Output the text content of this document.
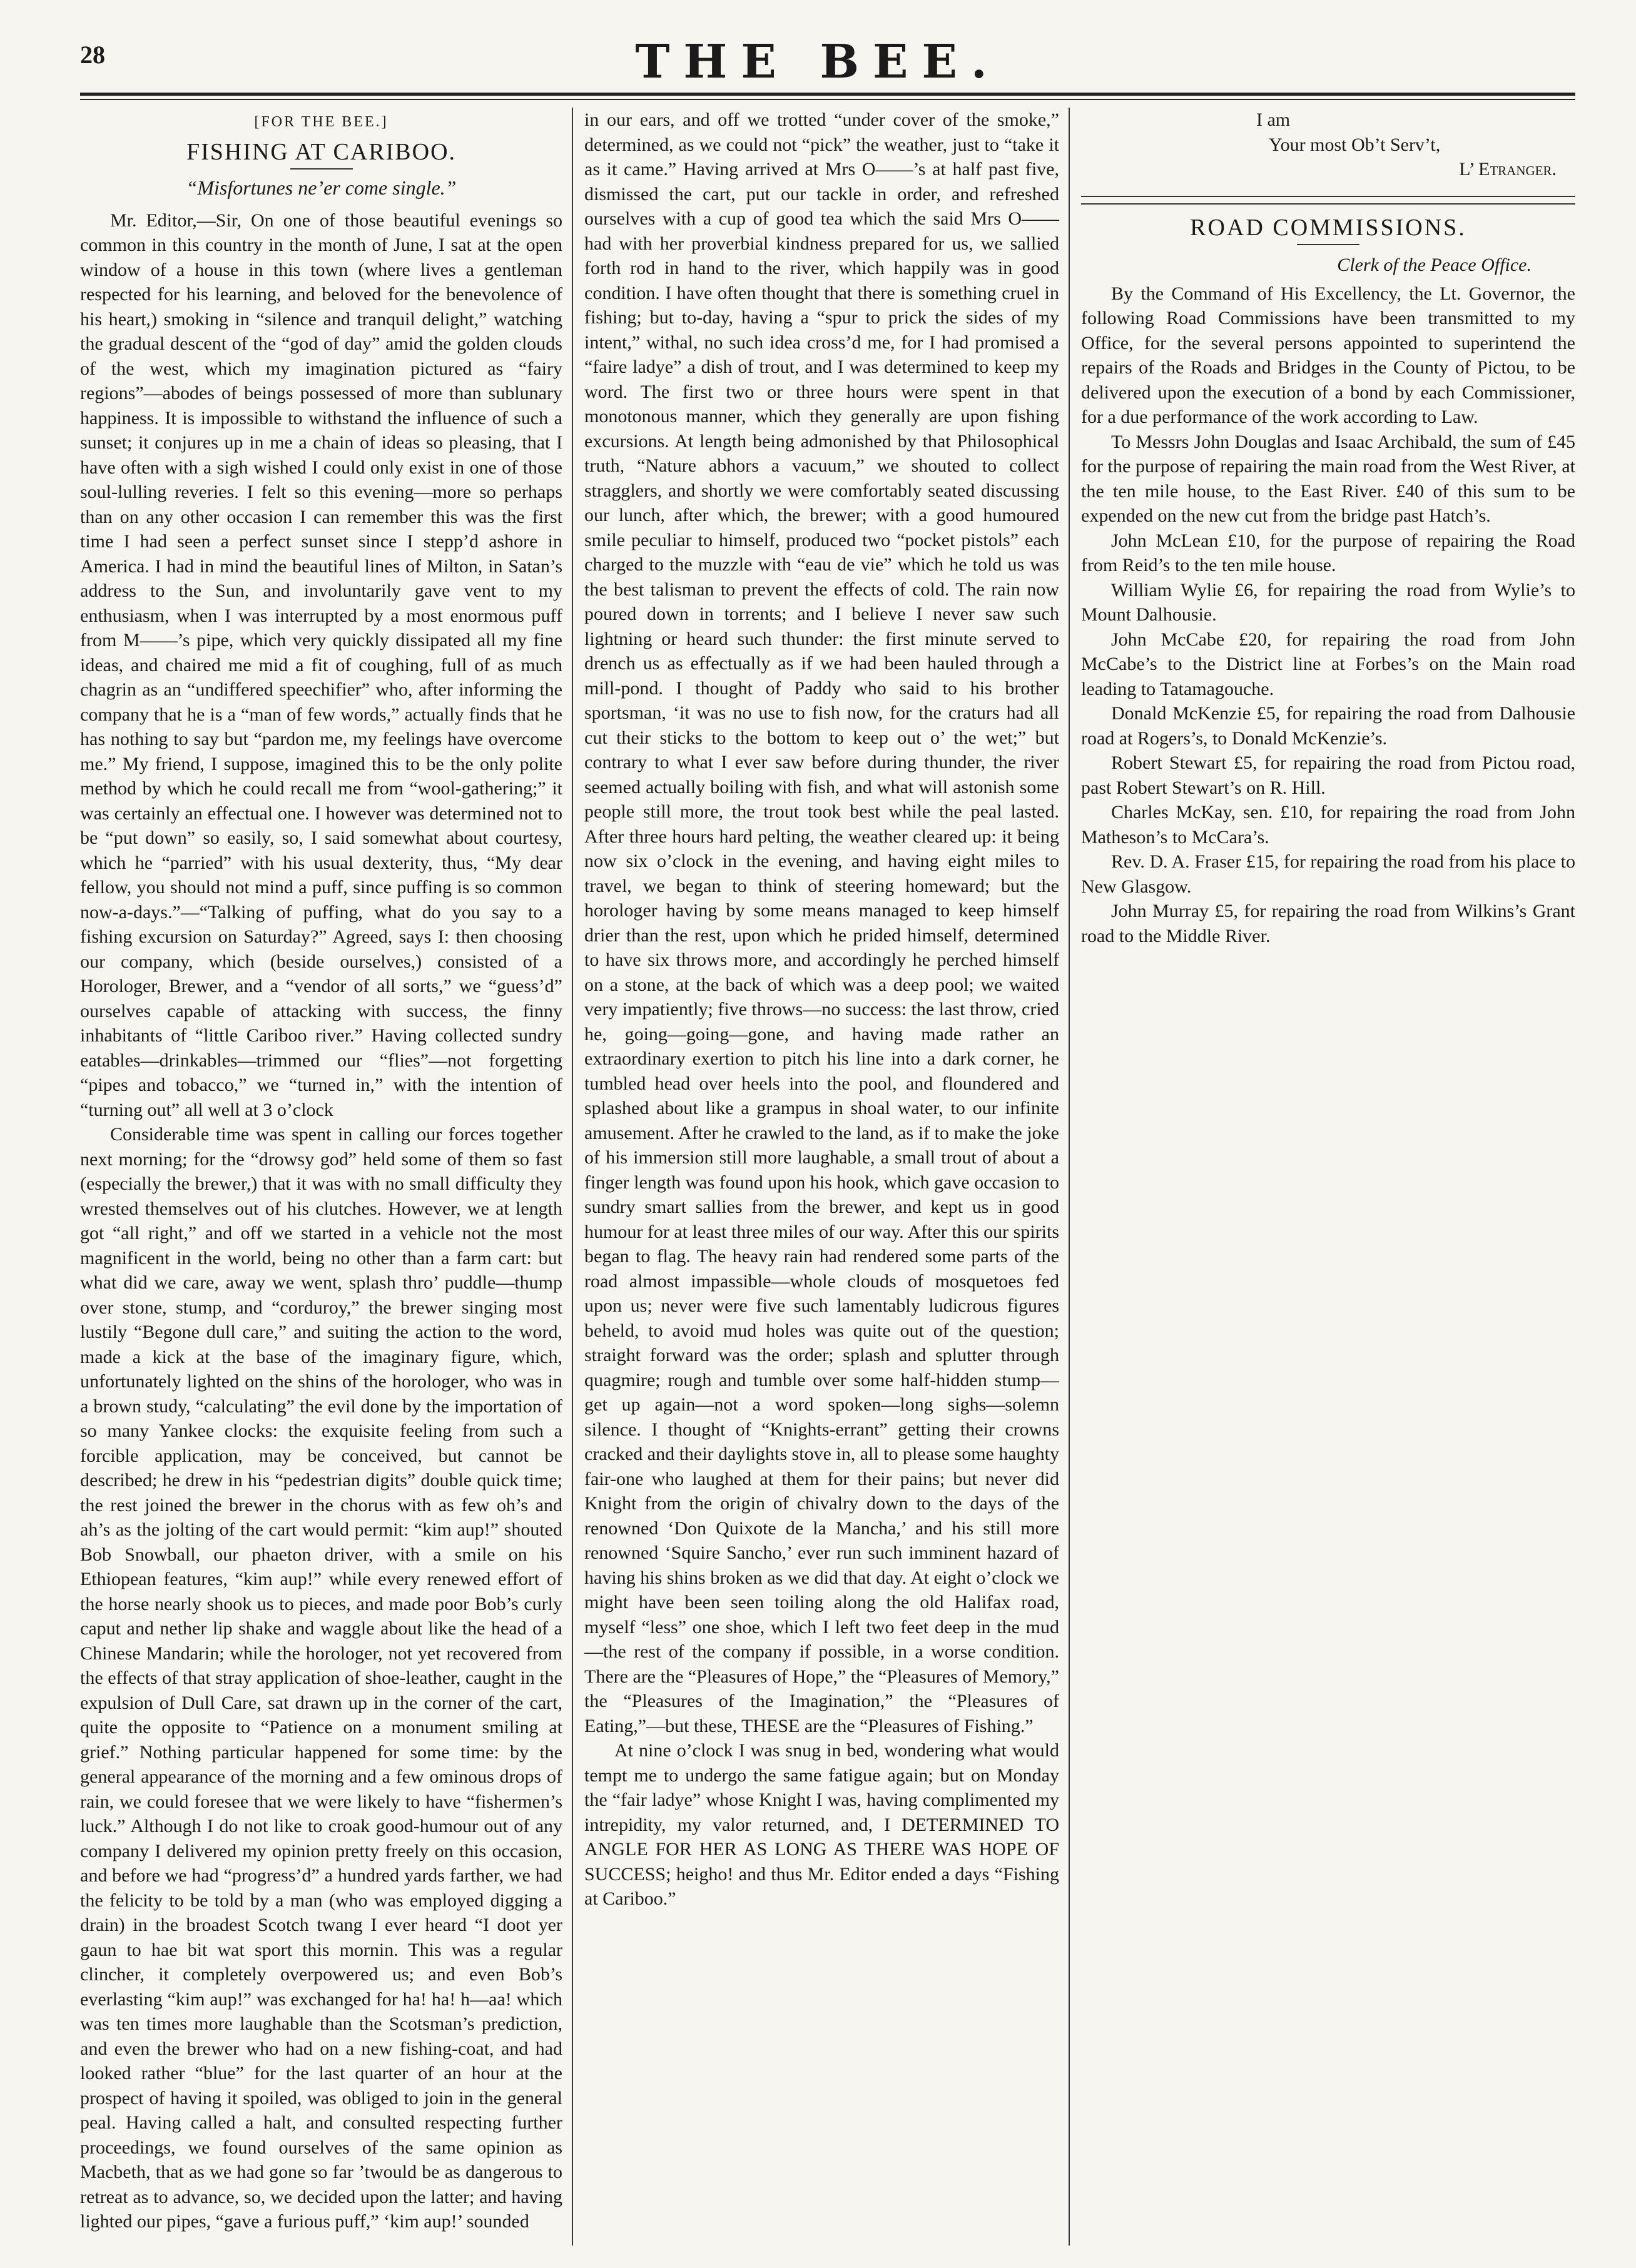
28	THE BEE.
[FOR THE BEE.]
FISHING AT CARIBOO.
“Misfortunes ne’er come single.”

Mr. Editor,—Sir, On one of those beautiful evenings so common in this country in the month of June, I sat at the open window of a house in this town (where lives a gentleman respected for his learning, and beloved for the benevolence of his heart,) smoking in “silence and tranquil delight,” watching the gradual descent of the “god of day” amid the golden clouds of the west, which my imagination pictured as “fairy regions”—abodes of beings possessed of more than sublunary happiness. It is impossible to withstand the influence of such a sunset; it conjures up in me a chain of ideas so pleasing, that I have often with a sigh wished I could only exist in one of those soul-lulling reveries. I felt so this evening—more so perhaps than on any other occasion I can remember this was the first time I had seen a perfect sunset since I stepp’d ashore in America. I had in mind the beautiful lines of Milton, in Satan’s address to the Sun, and involuntarily gave vent to my enthusiasm, when I was interrupted by a most enormous puff from M——’s pipe, which very quickly dissipated all my fine ideas, and chaired me mid a fit of coughing, full of as much chagrin as an “undiffered speechifier” who, after informing the company that he is a “man of few words,” actually finds that he has nothing to say but “pardon me, my feelings have overcome me.” My friend, I suppose, imagined this to be the only polite method by which he could recall me from “wool-gathering;” it was certainly an effectual one. I however was determined not to be “put down” so easily, so, I said somewhat about courtesy, which he “parried” with his usual dexterity, thus, “My dear fellow, you should not mind a puff, since puffing is so common now-a-days.”—“Talking of puffing, what do you say to a fishing excursion on Saturday?” Agreed, says I: then choosing our company, which (beside ourselves,) consisted of a Horologer, Brewer, and a “vendor of all sorts,” we “guess’d” ourselves capable of attacking with success, the finny inhabitants of “little Cariboo river.” Having collected sundry eatables—drinkables—trimmed our “flies”—not forgetting “pipes and tobacco,” we “turned in,” with the intention of “turning out” all well at 3 o’clock

Considerable time was spent in calling our forces together next morning; for the “drowsy god” held some of them so fast (especially the brewer,) that it was with no small difficulty they wrested themselves out of his clutches. However, we at length got “all right,” and off we started in a vehicle not the most magnificent in the world, being no other than a farm cart: but what did we care, away we went, splash thro’ puddle—thump over stone, stump, and “corduroy,” the brewer singing most lustily “Begone dull care,” and suiting the action to the word, made a kick at the base of the imaginary figure, which, unfortunately lighted on the shins of the horologer, who was in a brown study, “calculating” the evil done by the importation of so many Yankee clocks: the exquisite feeling from such a forcible application, may be conceived, but cannot be described; he drew in his “pedestrian digits” double quick time; the rest joined the brewer in the chorus with as few oh’s and ah’s as the jolting of the cart would permit: “kim aup!” shouted Bob Snowball, our phaeton driver, with a smile on his Ethiopean features, “kim aup!” while every renewed effort of the horse nearly shook us to pieces, and made poor Bob’s curly caput and nether lip shake and waggle about like the head of a Chinese Mandarin; while the horologer, not yet recovered from the effects of that stray application of shoe-leather, caught in the expulsion of Dull Care, sat drawn up in the corner of the cart, quite the opposite to “Patience on a monument smiling at grief.” Nothing particular happened for some time: by the general appearance of the morning and a few ominous drops of rain, we could foresee that we were likely to have “fishermen’s luck.” Although I do not like to croak good-humour out of any company I delivered my opinion pretty freely on this occasion, and before we had “progress’d” a hundred yards farther, we had the felicity to be told by a man (who was employed digging a drain) in the broadest Scotch twang I ever heard “I doot yer gaun to hae bit wat sport this mornin. This was a regular clincher, it completely overpowered us; and even Bob’s everlasting “kim aup!” was exchanged for ha! ha! h—aa! which was ten times more laughable than the Scotsman’s prediction, and even the brewer who had on a new fishing-coat, and had looked rather “blue” for the last quarter of an hour at the prospect of having it spoiled, was obliged to join in the general peal. Having called a halt, and consulted respecting further proceedings, we found ourselves of the same opinion as Macbeth, that as we had gone so far ’twould be as dangerous to retreat as to advance, so, we decided upon the latter; and having lighted our pipes, “gave a furious puff,” ‘kim aup!’ sounded

in our ears, and off we trotted “under cover of the smoke,” determined, as we could not “pick” the weather, just to “take it as it came.” Having arrived at Mrs O——’s at half past five, dismissed the cart, put our tackle in order, and refreshed ourselves with a cup of good tea which the said Mrs O—— had with her proverbial kindness prepared for us, we sallied forth rod in hand to the river, which happily was in good condition. I have often thought that there is something cruel in fishing; but to-day, having a “spur to prick the sides of my intent,” withal, no such idea cross’d me, for I had promised a “faire ladye” a dish of trout, and I was determined to keep my word. The first two or three hours were spent in that monotonous manner, which they generally are upon fishing excursions. At length being admonished by that Philosophical truth, “Nature abhors a vacuum,” we shouted to collect stragglers, and shortly we were comfortably seated discussing our lunch, after which, the brewer; with a good humoured smile peculiar to himself, produced two “pocket pistols” each charged to the muzzle with “eau de vie” which he told us was the best talisman to prevent the effects of cold. The rain now poured down in torrents; and I believe I never saw such lightning or heard such thunder: the first minute served to drench us as effectually as if we had been hauled through a mill-pond. I thought of Paddy who said to his brother sportsman, ‘it was no use to fish now, for the craturs had all cut their sticks to the bottom to keep out o’ the wet;” but contrary to what I ever saw before during thunder, the river seemed actually boiling with fish, and what will astonish some people still more, the trout took best while the peal lasted. After three hours hard pelting, the weather cleared up: it being now six o’clock in the evening, and having eight miles to travel, we began to think of steering homeward; but the horologer having by some means managed to keep himself drier than the rest, upon which he prided himself, determined to have six throws more, and accordingly he perched himself on a stone, at the back of which was a deep pool; we waited very impatiently; five throws—no success: the last throw, cried he, going—going—gone, and having made rather an extraordinary exertion to pitch his line into a dark corner, he tumbled head over heels into the pool, and floundered and splashed about like a grampus in shoal water, to our infinite amusement. After he crawled to the land, as if to make the joke of his immersion still more laughable, a small trout of about a finger length was found upon his hook, which gave occasion to sundry smart sallies from the brewer, and kept us in good humour for at least three miles of our way. After this our spirits began to flag. The heavy rain had rendered some parts of the road almost impassible—whole clouds of mosquetoes fed upon us; never were five such lamentably ludicrous figures beheld, to avoid mud holes was quite out of the question; straight forward was the order; splash and splutter through quagmire; rough and tumble over some half-hidden stump—get up again—not a word spoken—long sighs—solemn silence. I thought of “Knights-errant” getting their crowns cracked and their daylights stove in, all to please some haughty fair-one who laughed at them for their pains; but never did Knight from the origin of chivalry down to the days of the renowned ‘Don Quixote de la Mancha,’ and his still more renowned ‘Squire Sancho,’ ever run such imminent hazard of having his shins broken as we did that day. At eight o’clock we might have been seen toiling along the old Halifax road, myself “less” one shoe, which I left two feet deep in the mud—the rest of the company if possible, in a worse condition. There are the “Pleasures of Hope,” the “Pleasures of Memory,” the “Pleasures of the Imagination,” the “Pleasures of Eating,”—but these, THESE are the “Pleasures of Fishing.”

At nine o’clock I was snug in bed, wondering what would tempt me to undergo the same fatigue again; but on Monday the “fair ladye” whose Knight I was, having complimented my intrepidity, my valor returned, and, I DETERMINED TO ANGLE FOR HER AS LONG AS THERE WAS HOPE OF SUCCESS; heigho! and thus Mr. Editor ended a days “Fishing at Cariboo.”

I am

Your most Ob’t Serv’t,

L’ Etranger.

ROAD COMMISSIONS.

Clerk of the Peace Office.

By the Command of His Excellency, the Lt. Governor, the following Road Commissions have been transmitted to my Office, for the several persons appointed to superintend the repairs of the Roads and Bridges in the County of Pictou, to be delivered upon the execution of a bond by each Commissioner, for a due performance of the work according to Law.

To Messrs John Douglas and Isaac Archibald, the sum of £45 for the purpose of repairing the main road from the West River, at the ten mile house, to the East River. £40 of this sum to be expended on the new cut from the bridge past Hatch’s.

John McLean £10, for the purpose of repairing the Road from Reid’s to the ten mile house.

William Wylie £6, for repairing the road from Wylie’s to Mount Dalhousie.

John McCabe £20, for repairing the road from John McCabe’s to the District line at Forbes’s on the Main road leading to Tatamagouche.

Donald McKenzie £5, for repairing the road from Dalhousie road at Rogers’s, to Donald McKenzie’s.

Robert Stewart £5, for repairing the road from Pictou road, past Robert Stewart’s on R. Hill.

Charles McKay, sen. £10, for repairing the road from John Matheson’s to McCara’s.

Rev. D. A. Fraser £15, for repairing the road from his place to New Glasgow.

John Murray £5, for repairing the road from Wilkins’s Grant road to the Middle River.
